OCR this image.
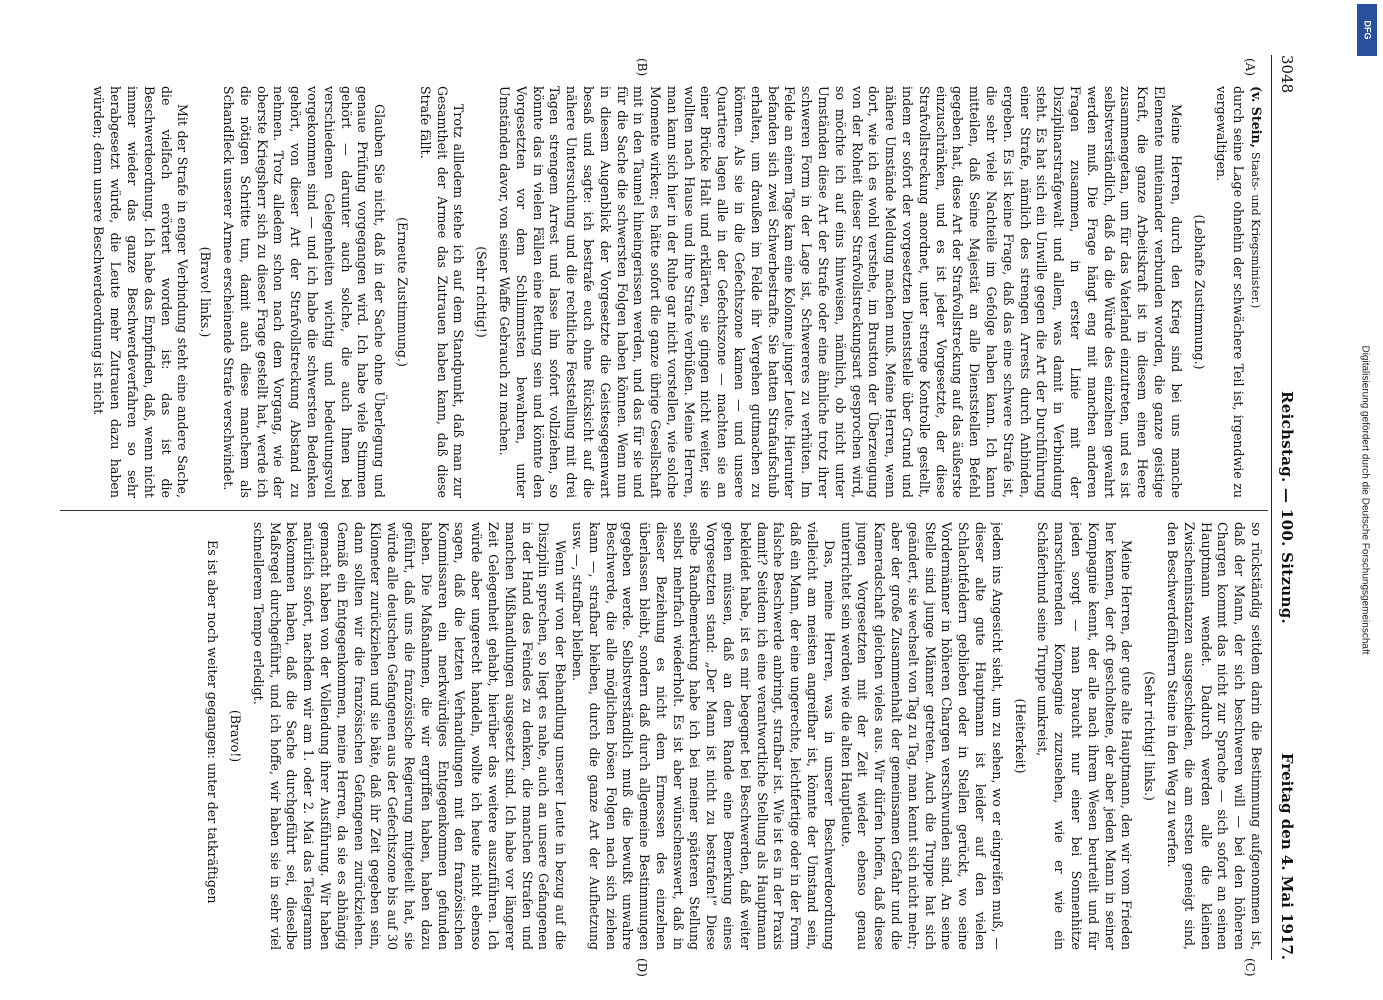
3048
Reichstag. — 100. Sitzung.
Freitag den 4. Mai 1917.
(A)
(B)
(C)
(D)

(v. Stein, Staats- und Kriegsminister.)

durch seine Lage ohnehin der schwächere Teil ist, irgendwie zu vergewaltigen.

(Lebhafte Zustimmung.)

Meine Herren, durch den Krieg sind bei uns manche Elemente miteinander verbunden worden, die ganze geistige Kraft, die ganze Arbeitskraft ist in diesem einen Heere zusammengetan, um für das Vaterland einzutreten, und es ist selbstverständlich, daß da die Würde des einzelnen gewahrt werden muß. Die Frage hängt eng mit manchen anderen Fragen zusammen, in erster Linie mit der Disziplinarstrafgewalt und allem, was damit in Verbindung steht. Es hat sich ein Unwille gegen die Art der Durchführung einer Strafe, nämlich des strengen Arrests durch Anbinden, ergeben. Es ist keine Frage, daß das eine schwere Strafe ist, die sehr viele Nachteile im Gefolge haben kann. Ich kann mitteilen, daß Seine Majestät an alle Dienststellen Befehl gegeben hat, diese Art der Strafvollstreckung auf das äußerste einzuschränken, und es ist jeder Vorgesetzte, der diese Strafvollstreckung anordnet, unter strenge Kontrolle gestellt, indem er sofort der vorgesetzten Dienststelle über Grund und nähere Umstände Meldung machen muß. Meine Herren, wenn dort, wie ich es wohl verstehe, im Brustton der Überzeugung von der Roheit dieser Strafvollstreckungsart gesprochen wird, so möchte ich auf eins hinweisen, nämlich, ob nicht unter Umständen diese Art der Strafe oder eine ähnliche trotz ihrer schweren Form in der Lage ist, Schwereres zu verhüten. Im Felde an einem Tage kam eine Kolonne junger Leute. Hierunter befanden sich zwei Schwerbestrafte. Sie hatten Strafaufschub erhalten, um draußen im Felde ihr Vergehen gutmachen zu können. Als sie in die Gefechtszone kamen — und unsere Quartiere lagen alle in der Gefechtszone — machten sie an einer Brücke Halt und erklärten, sie gingen nicht weiter, sie wollten nach Hause und ihre Strafe verbüßen. Meine Herren, man kann sich hier in der Ruhe gar nicht vorstellen, wie solche Momente wirken; es hätte sofort die ganze übrige Gesellschaft mit in den Taumel hineingerissen werden, und das für sie und für die Sache die schwersten Folgen haben können. Wenn nun in diesem Augenblick der Vorgesetzte die Geistesgegenwart besaß und sagte: ich bestrafe euch ohne Rücksicht auf die nähere Untersuchung und die rechtliche Feststellung mit drei Tagen strengem Arrest und lasse ihn sofort vollziehen, so könnte das in vielen Fällen eine Rettung sein und könnte den Vorgesetzten vor dem Schlimmsten bewahren, unter Umständen davor, von seiner Waffe Gebrauch zu machen.

(Sehr richtig!)

Trotz allledem stehe ich auf dem Standpunkt, daß man zur Gesamtheit der Armee das Zutrauen haben kann, daß diese Strafe fällt.

(Erneute Zustimmung.)

Glauben Sie nicht, daß in der Sache ohne Überlegung und genaue Prüfung vorgegangen wird. Ich habe viele Stimmen gehört — darunter auch solche, die auch Ihnen bei verschiedenen Gelegenheiten wichtig und bedeutungsvoll vorgekommen sind — und ich habe die schwersten Bedenken gehört, von dieser Art der Strafvollstreckung Abstand zu nehmen. Trotz alledem schon nach dem Vorgang, wie der oberste Kriegsherr sich zu dieser Frage gestellt hat, werde ich die nötigen Schritte tun, damit auch diese manchem als Schandfleck unserer Armee erscheinende Strafe verschwindet.

(Bravo! links.)

Mit der Strafe in enger Verbindung steht eine andere Sache, die vielfach erörtert worden ist: das ist die Beschwerdeordnung. Ich habe das Empfinden, daß, wenn nicht immer wieder das ganze Beschwerdeverfahren so sehr herabgesetzt würde, die Leute mehr Zutrauen dazu haben würden; denn unsere Beschwerdeordnung ist nicht

so rückständig seitdem darin die Bestimmung aufgenommen ist, daß der Mann, der sich beschweren will — bei den höheren Chargen kommt das nicht zur Sprache — sich sofort an seinen Hauptmann wendet. Dadurch werden alle die kleinen Zwischeninstanzen ausgeschieden, die am ersten geneigt sind, den Beschwerdeführern Steine in den Weg zu werfen.

(Sehr richtig! links.)

Meine Herren, der gute alte Hauptmann, den wir vom Frieden her kennen, der oft gescholtene, der aber jeden Mann in seiner Kompagnie kennt, der alle nach ihrem Wesen beurteilt und für jeden sorgt — man braucht nur einer bei Sonnenhitze marschierenden Kompagnie zuzusehen, wie er wie ein Schäferhund seine Truppe umkreist,

(Heiterkeit)

jedem ins Angesicht sieht, um zu sehen, wo er eingreifen muß, — dieser alte gute Hauptmann ist leider auf den vielen Schlachtfeldern geblieben oder in Stellen gerückt, wo seine Vordermänner in höheren Chargen verschwunden sind. An seine Stelle sind junge Männer getreten. Auch die Truppe hat sich geändert, sie wechselt von Tag zu Tag, man kennt sich nicht mehr; aber der große Zusammenhalt der gemeinsamen Gefahr und die Kameradschaft gleichen vieles aus. Wir dürfen hoffen, daß diese jungen Vorgesetzten mit der Zeit wieder ebenso genau unterrichtet sein werden wie die alten Hauptleute.

Das, meine Herren, was in unserer Beschwerdeordnung vielleicht am meisten angreifbar ist, könnte der Umstand sein, daß ein Mann, der eine ungerechte, leichtfertige oder in der Form falsche Beschwerde anbringt, strafbar ist. Wie ist es in der Praxis damit? Seitdem ich eine verantwortliche Stellung als Hauptmann bekleidet habe, ist es mir begegnet bei Beschwerden, daß weiter gehen müssen, daß an dem Rande eine Bemerkung eines Vorgesetzten stand: „Der Mann ist nicht zu bestrafen!“ Diese selbe Randbemerkung habe ich bei meiner späteren Stellung selbst mehrfach wiederholt. Es ist aber wünschenswert, daß in dieser Beziehung es nicht dem Ermessen des einzelnen überlassen bleibt, sondern daß durch allgemeine Bestimmungen gegeben werde. Selbstverständlich muß die bewußt unwahre Beschwerde, die alle möglichen bösen Folgen nach sich ziehen kann —, strafbar bleiben, durch die ganze Art der Aufhetzung usw. —, strafbar bleiben.

Wenn wir von der Behandlung unserer Leute in bezug auf die Disziplin sprechen, so liegt es nahe, auch an unsere Gefangenen in der Hand des Feindes zu denken, die manchen Strafen und manchen Mißhandlungen ausgesetzt sind. Ich habe vor längerer Zeit Gelegenheit gehabt, hierüber das weitere auszuführen. Ich würde aber ungerecht handeln, wollte ich heute nicht ebenso sagen, daß die letzten Verhandlungen mit den französischen Kommissaren ein merkwürdiges Entgegenkommen gefunden haben. Die Maßnahmen, die wir ergriffen haben, haben dazu geführt, daß uns die französische Regierung mitgeteilt hat, sie würde alle deutschen Gefangenen aus der Gefechtszone bis auf 30 Kilometer zurückziehen und sie bäte, daß ihr Zeit gegeben sein, dann sollten wir die französischen Gefangenen zurückziehen. Gemäß ein Entgegenkommen, meine Herren, da sie es abhängig gemacht haben von der Vollendung ihrer Ausführung. Wir haben natürlich sofort, nachdem wir am 1. oder 2. Mai das Telegramm bekommen haben, daß die Sache durchgeführt sei, dieselbe Maßregel durchgeführt, und ich hoffe, wir haben sie in sehr viel schnellerem Tempo erledigt.

(Bravo!)

Es ist aber noch weiter gegangen: unter der tatkräftigen

DFG
Digitalisierung gefördert durch die Deutsche Forschungsgemeinschaft
